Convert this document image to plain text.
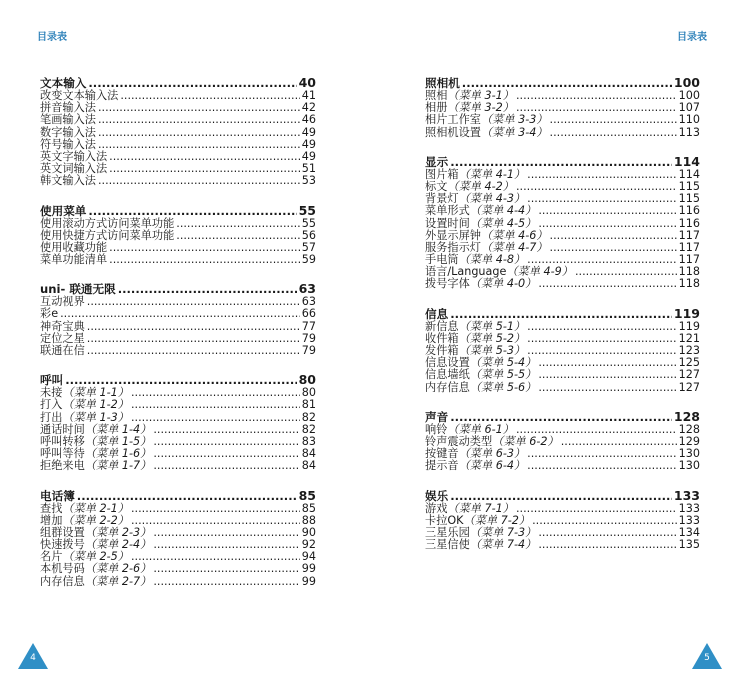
目录表	目录表
文本输入 .....	40
改变文本输入法 .....	41
拼音输入法 .....	42
笔画输入法 .....	46
数字输入法 .....	49
符号输入法 .....	49
英文字输入法 .....	49
英文词输入法 .....	51
韩文输入法 .....	53
使用菜单 .....	55
使用滚动方式访问菜单功能 .....	55
使用快捷方式访问菜单功能 .....	56
使用收藏功能 .....	57
菜单功能清单 .....	59
uni- 联通无限 .....	63
互动视界 .....	63
彩e .....	66
神奇宝典 .....	77
定位之星 .....	79
联通在信 .....	79
呼叫 .....	80
未接（菜单 1-1） .....	80
打入（菜单 1-2） .....	81
打出（菜单 1-3） .....	82
通话时间（菜单 1-4） .....	82
呼叫转移（菜单 1-5） .....	83
呼叫等待（菜单 1-6） .....	84
拒绝来电（菜单 1-7） .....	84
电话簿 .....	85
查找（菜单 2-1） .....	85
增加（菜单 2-2） .....	88
组群设置（菜单 2-3） .....	90
快速拨号（菜单 2-4） .....	92
名片（菜单 2-5） .....	94
本机号码（菜单 2-6） .....	99
内存信息（菜单 2-7） .....	99
照相机 .....	100
照相（菜单 3-1） .....	100
相册（菜单 3-2） .....	107
相片工作室（菜单 3-3） .....	110
照相机设置（菜单 3-4） .....	113
显示 .....	114
图片箱（菜单 4-1） .....	114
标文（菜单 4-2） .....	115
背景灯（菜单 4-3） .....	115
菜单形式（菜单 4-4） .....	116
设置时间（菜单 4-5） .....	116
外显示屏钟（菜单 4-6） .....	117
服务指示灯（菜单 4-7） .....	117
手电筒（菜单 4-8） .....	117
语言/Language（菜单 4-9） .....	118
拨号字体（菜单 4-0） .....	118
信息 .....	119
新信息（菜单 5-1） .....	119
收件箱（菜单 5-2） .....	121
发件箱（菜单 5-3） .....	123
信息设置（菜单 5-4） .....	125
信息墙纸（菜单 5-5） .....	127
内存信息（菜单 5-6） .....	127
声音 .....	128
响铃（菜单 6-1） .....	128
铃声震动类型（菜单 6-2） .....	129
按键音（菜单 6-3） .....	130
提示音（菜单 6-4） .....	130
娱乐 .....	133
游戏（菜单 7-1） .....	133
卡拉OK（菜单 7-2） .....	133
三星乐园（菜单 7-3） .....	134
三星信使（菜单 7-4） .....	135
4	5
